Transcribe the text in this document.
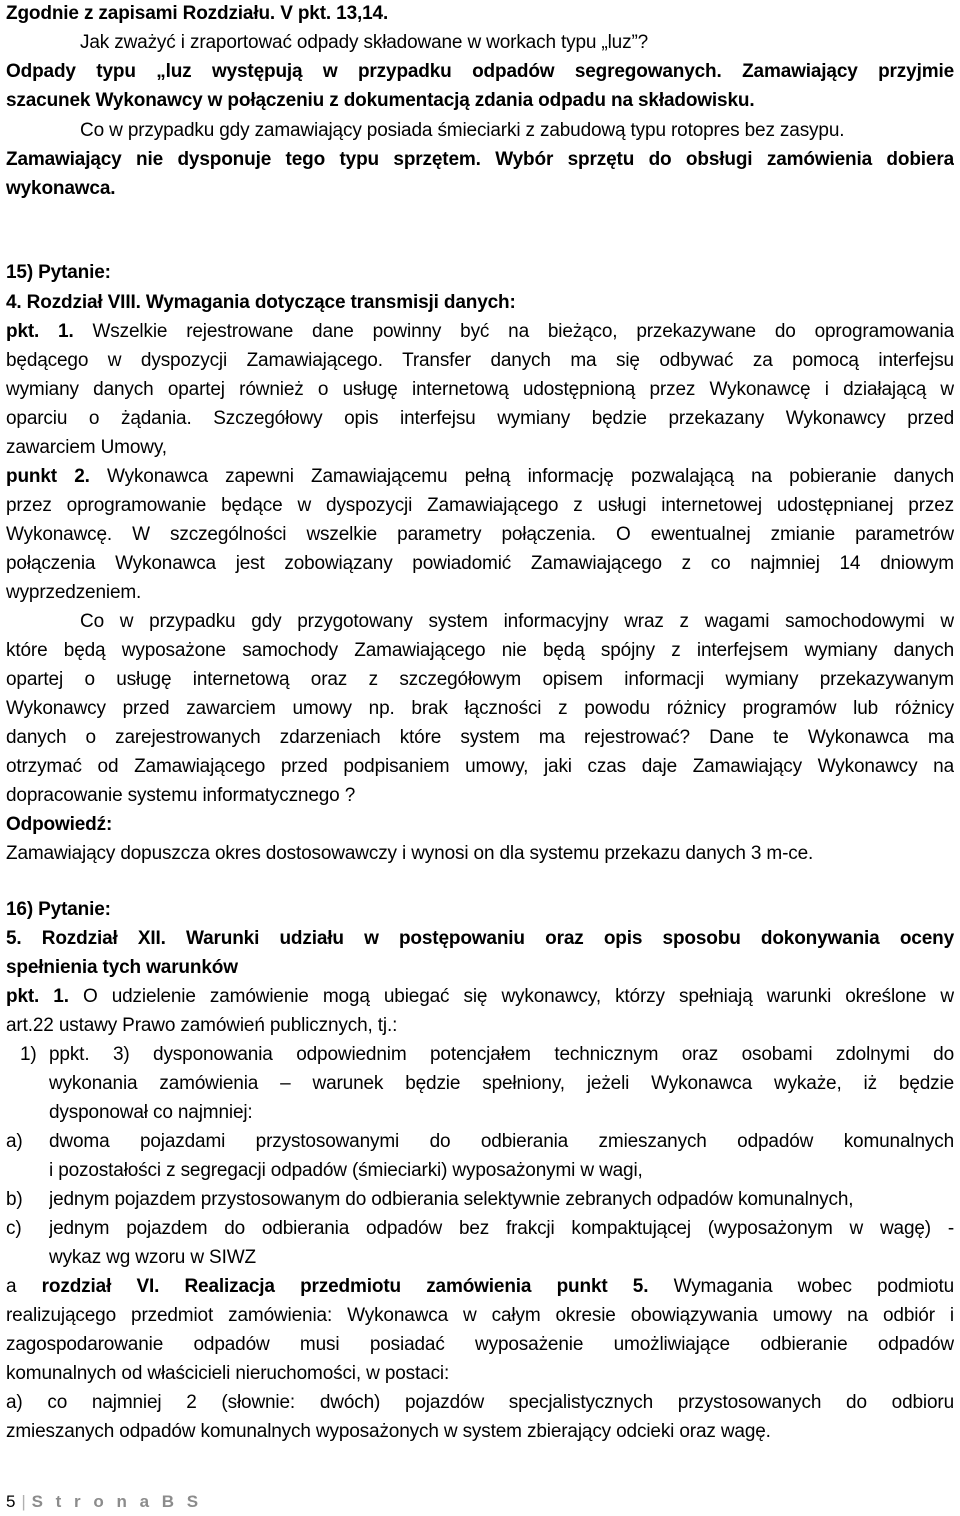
Zgodnie z zapisami Rozdziału. V pkt. 13,14.
Jak zważyć i zraportować odpady składowane w workach typu „luz”?
Odpady typu „luz występują w przypadku odpadów segregowanych. Zamawiający przyjmie
szacunek Wykonawcy w połączeniu z dokumentacją zdania odpadu na składowisku.
Co w przypadku gdy zamawiający posiada śmieciarki z zabudową typu rotopres bez zasypu.
Zamawiający nie dysponuje tego typu sprzętem. Wybór sprzętu do obsługi zamówienia dobiera
wykonawca.
15) Pytanie:
4. Rozdział VIII. Wymagania dotyczące transmisji danych:
pkt. 1. Wszelkie rejestrowane dane powinny być na bieżąco, przekazywane do oprogramowania
będącego w dyspozycji Zamawiającego. Transfer danych ma się odbywać za pomocą interfejsu
wymiany danych opartej również o usługę internetową udostępnioną przez Wykonawcę i działającą w
oparciu o żądania. Szczegółowy opis interfejsu wymiany będzie przekazany Wykonawcy przed
zawarciem Umowy,
punkt 2. Wykonawca zapewni Zamawiającemu pełną informację pozwalającą na pobieranie danych
przez oprogramowanie będące w dyspozycji Zamawiającego z usługi internetowej udostępnianej przez
Wykonawcę. W szczególności wszelkie parametry połączenia. O ewentualnej zmianie parametrów
połączenia Wykonawca jest zobowiązany powiadomić Zamawiającego z co najmniej 14 dniowym
wyprzedzeniem.
Co w przypadku gdy przygotowany system informacyjny wraz z wagami samochodowymi w
które będą wyposażone samochody Zamawiającego nie będą spójny z interfejsem wymiany danych
opartej o usługę internetową oraz z szczegółowym opisem informacji wymiany przekazywanym
Wykonawcy przed zawarciem umowy np. brak łączności z powodu różnicy programów lub różnicy
danych o zarejestrowanych zdarzeniach które system ma rejestrować? Dane te Wykonawca ma
otrzymać od Zamawiającego przed podpisaniem umowy, jaki czas daje Zamawiający Wykonawcy na
dopracowanie systemu informatycznego ?
Odpowiedź:
Zamawiający dopuszcza okres dostosowawczy i wynosi on dla systemu przekazu danych 3 m-ce.
16) Pytanie:
5. Rozdział XII. Warunki udziału w postępowaniu oraz opis sposobu dokonywania oceny
spełnienia tych warunków
pkt. 1. O udzielenie zamówienie mogą ubiegać się wykonawcy, którzy spełniają warunki określone w
art.22 ustawy Prawo zamówień publicznych, tj.:
1) ppkt. 3) dysponowania odpowiednim potencjałem technicznym oraz osobami zdolnymi do
wykonania zamówienia – warunek będzie spełniony, jeżeli Wykonawca wykaże, iż będzie
dysponował co najmniej:
a) dwoma pojazdami przystosowanymi do odbierania zmieszanych odpadów komunalnych
i pozostałości z segregacji odpadów (śmieciarki) wyposażonymi w wagi,
b) jednym pojazdem przystosowanym do odbierania selektywnie zebranych odpadów komunalnych,
c) jednym pojazdem do odbierania odpadów bez frakcji kompaktującej (wyposażonym w wagę) -
wykaz wg wzoru w SIWZ
a rozdział VI. Realizacja przedmiotu zamówienia punkt 5. Wymagania wobec podmiotu
realizującego przedmiot zamówienia: Wykonawca w całym okresie obowiązywania umowy na odbiór i
zagospodarowanie odpadów musi posiadać wyposażenie umożliwiające odbieranie odpadów
komunalnych od właścicieli nieruchomości, w postaci:
a) co najmniej 2 (słownie: dwóch) pojazdów specjalistycznych przystosowanych do odbioru
zmieszanych odpadów komunalnych wyposażonych w system zbierający odcieki oraz wagę.
5 | S t r o n a B S
